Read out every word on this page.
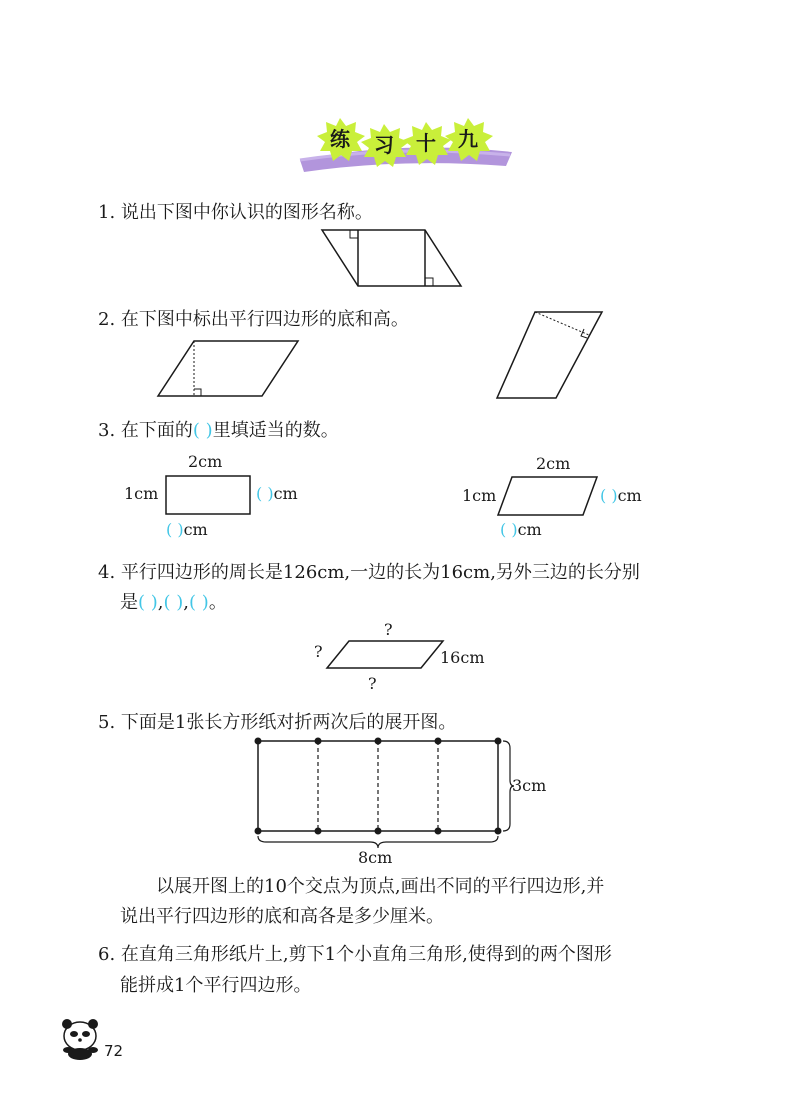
练	习	十	九
1. 说出下图中你认识的图形名称。
2. 在下图中标出平行四边形的底和高。
3. 在下面的( )里填适当的数。
2cm
1cm	( )cm
( )cm
2cm
1cm	( )cm
( )cm
4. 平行四边形的周长是126cm,一边的长为16cm,另外三边的长分别
是( ),( ),( )。
?
?
?
16cm
5. 下面是1张长方形纸对折两次后的展开图。
3cm
8cm
以展开图上的10个交点为顶点,画出不同的平行四边形,并
说出平行四边形的底和高各是多少厘米。
6. 在直角三角形纸片上,剪下1个小直角三角形,使得到的两个图形
能拼成1个平行四边形。
72
